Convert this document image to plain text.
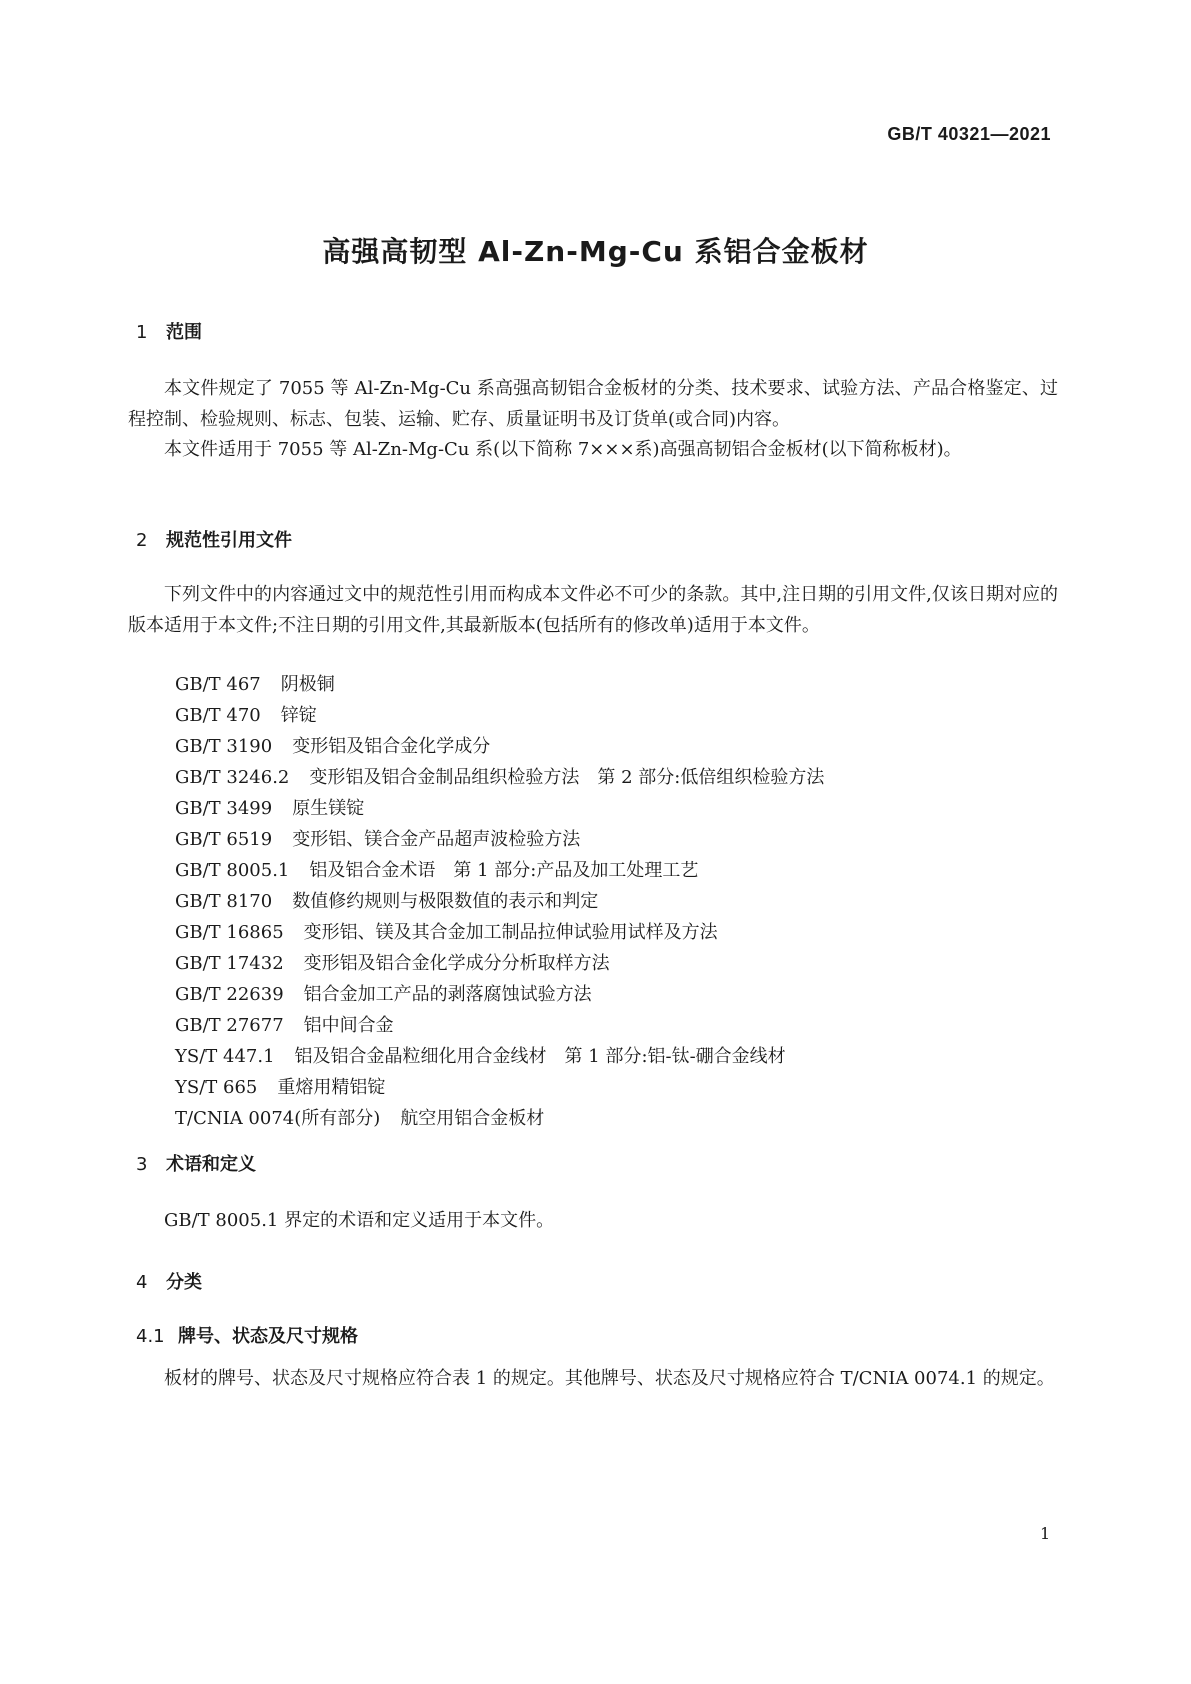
GB/T 40321—2021
高强高韧型 Al-Zn-Mg-Cu 系铝合金板材
1 范围
本文件规定了 7055 等 Al-Zn-Mg-Cu 系高强高韧铝合金板材的分类、技术要求、试验方法、产品合格鉴定、过程控制、检验规则、标志、包装、运输、贮存、质量证明书及订货单(或合同)内容。
本文件适用于 7055 等 Al-Zn-Mg-Cu 系(以下简称 7×××系)高强高韧铝合金板材(以下简称板材)。
2 规范性引用文件
下列文件中的内容通过文中的规范性引用而构成本文件必不可少的条款。其中,注日期的引用文件,仅该日期对应的版本适用于本文件;不注日期的引用文件,其最新版本(包括所有的修改单)适用于本文件。
GB/T 467 阴极铜
GB/T 470 锌锭
GB/T 3190 变形铝及铝合金化学成分
GB/T 3246.2 变形铝及铝合金制品组织检验方法　第 2 部分:低倍组织检验方法
GB/T 3499 原生镁锭
GB/T 6519 变形铝、镁合金产品超声波检验方法
GB/T 8005.1 铝及铝合金术语　第 1 部分:产品及加工处理工艺
GB/T 8170 数值修约规则与极限数值的表示和判定
GB/T 16865 变形铝、镁及其合金加工制品拉伸试验用试样及方法
GB/T 17432 变形铝及铝合金化学成分分析取样方法
GB/T 22639 铝合金加工产品的剥落腐蚀试验方法
GB/T 27677 铝中间合金
YS/T 447.1 铝及铝合金晶粒细化用合金线材　第 1 部分:铝-钛-硼合金线材
YS/T 665 重熔用精铝锭
T/CNIA 0074(所有部分) 航空用铝合金板材
3 术语和定义
GB/T 8005.1 界定的术语和定义适用于本文件。
4 分类
4.1 牌号、状态及尺寸规格
板材的牌号、状态及尺寸规格应符合表 1 的规定。其他牌号、状态及尺寸规格应符合 T/CNIA 0074.1 的规定。
1
